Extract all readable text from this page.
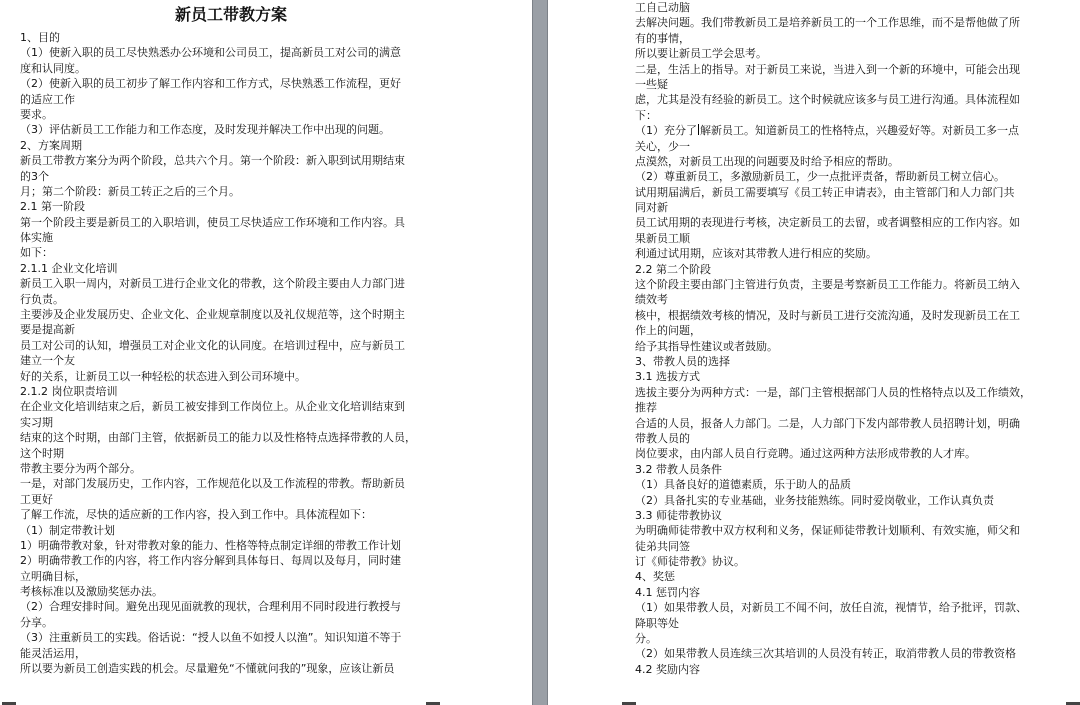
新员工带教方案
1、目的
（1）使新入职的员工尽快熟悉办公环境和公司员工，提高新员工对公司的满意
度和认同度。
（2）使新入职的员工初步了解工作内容和工作方式，尽快熟悉工作流程，更好
的适应工作
要求。
（3）评估新员工工作能力和工作态度，及时发现并解决工作中出现的问题。
2、方案周期
新员工带教方案分为两个阶段，总共六个月。第一个阶段：新入职到试用期结束
的3个
月；第二个阶段：新员工转正之后的三个月。
2.1 第一阶段
第一个阶段主要是新员工的入职培训，使员工尽快适应工作环境和工作内容。具
体实施
如下：
2.1.1 企业文化培训
新员工入职一周内，对新员工进行企业文化的带教，这个阶段主要由人力部门进
行负责。
主要涉及企业发展历史、企业文化、企业规章制度以及礼仪规范等，这个时期主
要是提高新
员工对公司的认知，增强员工对企业文化的认同度。在培训过程中，应与新员工
建立一个友
好的关系，让新员工以一种轻松的状态进入到公司环境中。
2.1.2 岗位职责培训
在企业文化培训结束之后，新员工被安排到工作岗位上。从企业文化培训结束到
实习期
结束的这个时期，由部门主管，依据新员工的能力以及性格特点选择带教的人员，
这个时期
带教主要分为两个部分。
一是，对部门发展历史，工作内容，工作规范化以及工作流程的带教。帮助新员
工更好
了解工作流，尽快的适应新的工作内容，投入到工作中。具体流程如下：
（1）制定带教计划
1）明确带教对象，针对带教对象的能力、性格等特点制定详细的带教工作计划
2）明确带教工作的内容，将工作内容分解到具体每日、每周以及每月，同时建
立明确目标，
考核标准以及激励奖惩办法。
（2）合理安排时间。避免出现见面就教的现状，合理利用不同时段进行教授与
分享。
（3）注重新员工的实践。俗话说：“授人以鱼不如授人以渔”。知识知道不等于
能灵活运用，
所以要为新员工创造实践的机会。尽量避免“不懂就问我的”现象，应该让新员
工自己动脑
去解决问题。我们带教新员工是培养新员工的一个工作思维，而不是帮他做了所
有的事情，
所以要让新员工学会思考。
二是，生活上的指导。对于新员工来说，当进入到一个新的环境中，可能会出现
一些疑
虑，尤其是没有经验的新员工。这个时候就应该多与员工进行沟通。具体流程如
下：
（1）充分了 解新员工。知道新员工的性格特点，兴趣爱好等。对新员工多一点
关心，少一
点漠然，对新员工出现的问题要及时给予相应的帮助。
（2）尊重新员工，多激励新员工，少一点批评责备，帮助新员工树立信心。
试用期届满后，新员工需要填写《员工转正申请表》，由主管部门和人力部门共
同对新
员工试用期的表现进行考核，决定新员工的去留，或者调整相应的工作内容。如
果新员工顺
利通过试用期，应该对其带教人进行相应的奖励。
2.2 第二个阶段
这个阶段主要由部门主管进行负责，主要是考察新员工工作能力。将新员工纳入
绩效考
核中，根据绩效考核的情况，及时与新员工进行交流沟通，及时发现新员工在工
作上的问题，
给予其指导性建议或者鼓励。
3、带教人员的选择
3.1 选拔方式
选拔主要分为两种方式：一是，部门主管根据部门人员的性格特点以及工作绩效，
推荐
合适的人员，报备人力部门。二是，人力部门下发内部带教人员招聘计划，明确
带教人员的
岗位要求，由内部人员自行竞聘。通过这两种方法形成带教的人才库。
3.2 带教人员条件
（1）具备良好的道德素质，乐于助人的品质
（2）具备扎实的专业基础，业务技能熟练。同时爱岗敬业，工作认真负责
3.3 师徒带教协议
为明确师徒带教中双方权利和义务，保证师徒带教计划顺利、有效实施，师父和
徒弟共同签
订《师徒带教》协议。
4、奖惩
4.1 惩罚内容
（1）如果带教人员，对新员工不闻不问，放任自流，视情节，给予批评，罚款、
降职等处
分。
（2）如果带教人员连续三次其培训的人员没有转正，取消带教人员的带教资格
4.2 奖励内容
